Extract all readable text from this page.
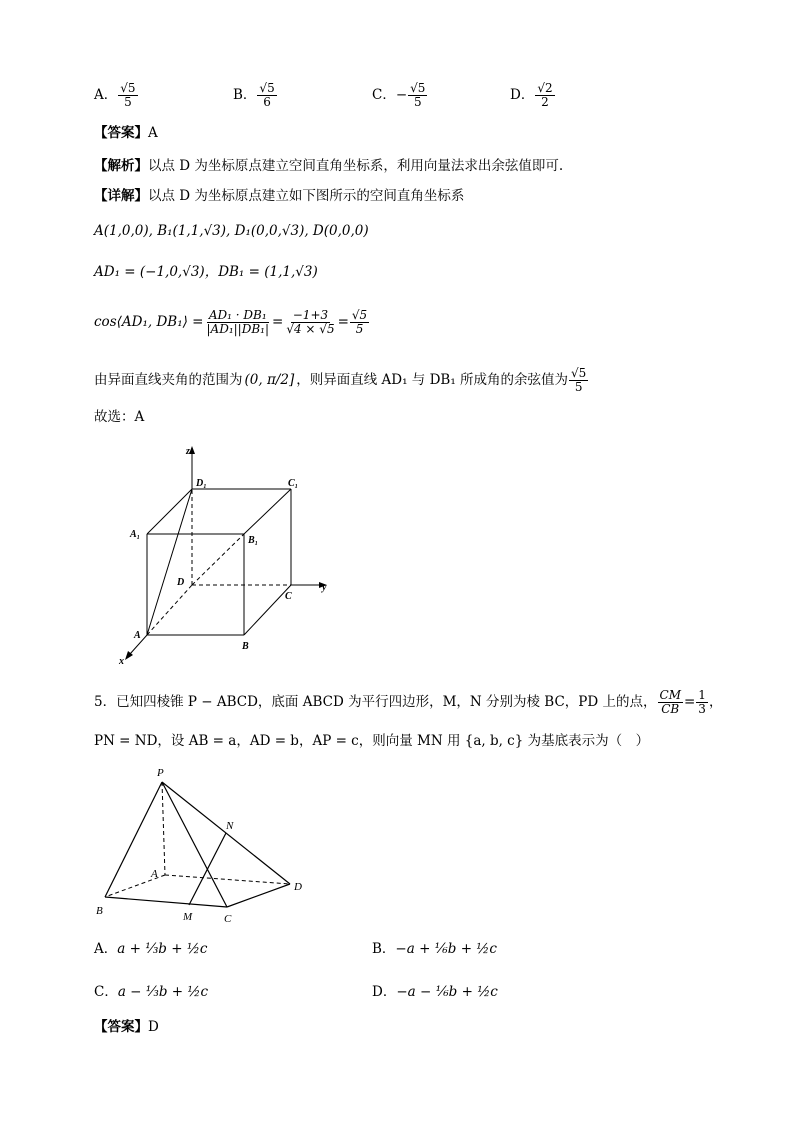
A． $\frac{√5}{5}$	B． $\frac{√5}{6}$	C．− $\frac{√5}{5}$	D． $\frac{√2}{2}$
【答案】A
【解析】以点 D 为坐标原点建立空间直角坐标系，利用向量法求出余弦值即可.
【详解】以点 D 为坐标原点建立如下图所示的空间直角坐标系
A(1,0,0), B₁(1,1,√3), D₁(0,0,√3), D(0,0,0)
AD₁ = (−1,0,√3)，DB₁ = (1,1,√3)
cos⟨AD₁, DB₁⟩ = $\frac{\text{AD₁ · DB₁}}{\text{|AD₁||DB₁|}} = \frac{-1+3}{√4 \times √5} = \frac{√5}{5}$
由异面直线夹角的范围为 (0, π/2] ，则异面直线 AD₁ 与 DB₁ 所成角的余弦值为 $\frac{√5}{5}$
故选：A
z
y
x
D₁	C₁
A₁
B₁
D
C
A
B
5．已知四棱锥 P − ABCD，底面 ABCD 为平行四边形，M，N 分别为棱 BC，PD 上的点， $\frac{CM}{CB} = \frac{1}{3}$ ，
PN = ND，设 AB = a，AD = b，AP = c，则向量 MN 用 {a, b, c} 为基底表示为（　）
P
N
A
D
B	M	C
A．a + ⅓b + ½c	B．−a + ⅙b + ½c
C．a − ⅓b + ½c	D．−a − ⅙b + ½c
【答案】D
